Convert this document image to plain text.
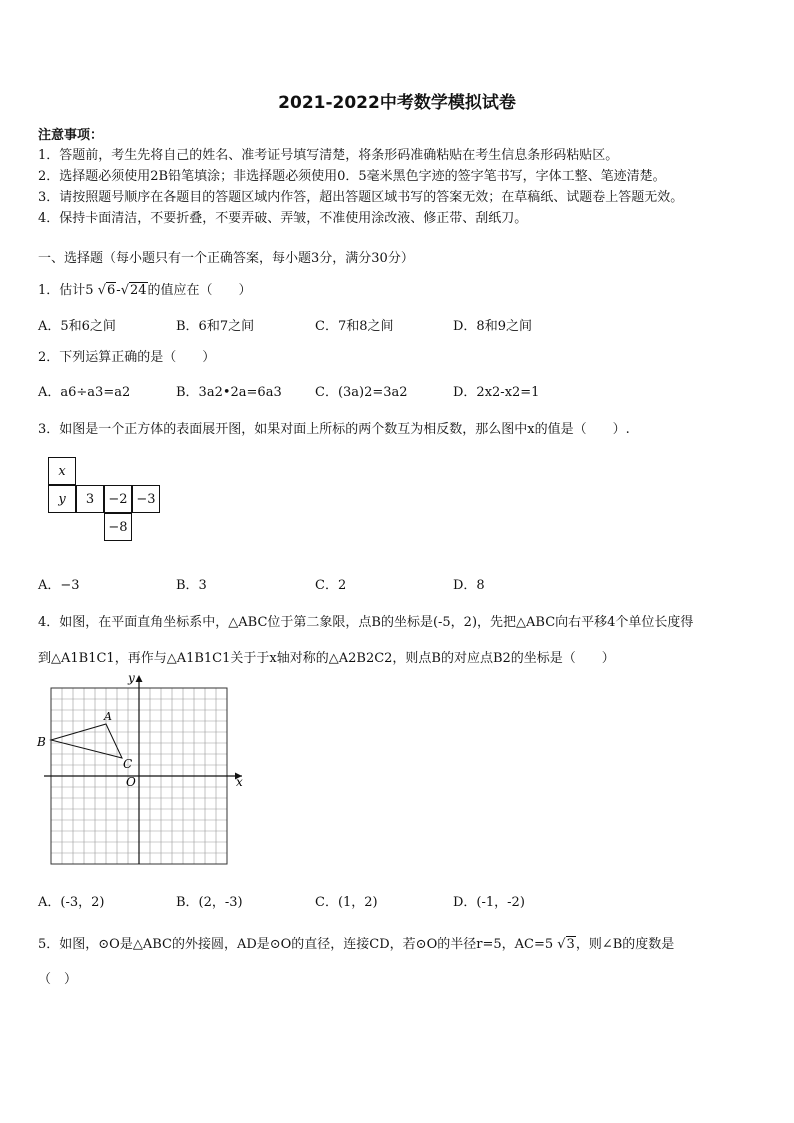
2021-2022中考数学模拟试卷
注意事项：
1．答题前，考生先将自己的姓名、准考证号填写清楚，将条形码准确粘贴在考生信息条形码粘贴区。
2．选择题必须使用2B铅笔填涂；非选择题必须使用0．5毫米黑色字迹的签字笔书写，字体工整、笔迹清楚。
3．请按照题号顺序在各题目的答题区域内作答，超出答题区域书写的答案无效；在草稿纸、试题卷上答题无效。
4．保持卡面清洁，不要折叠，不要弄破、弄皱，不准使用涂改液、修正带、刮纸刀。
一、选择题（每小题只有一个正确答案，每小题3分，满分30分）
1．估计5 √6-√24的值应在（　　）
A．5和6之间	B．6和7之间	C．7和8之间	D．8和9之间
2．下列运算正确的是（　　）
A．a6÷a3=a2	B．3a2•2a=6a3	C．(3a)2=3a2	D．2x2-x2=1
3．如图是一个正方体的表面展开图，如果对面上所标的两个数互为相反数，那么图中x的值是（　　）.
x
y	3	−2 −3
−8
A．−3	B．3	C．2	D．8
4．如图，在平面直角坐标系中，△ABC位于第二象限，点B的坐标是(-5，2)，先把△ABC向右平移4个单位长度得
到△A1B1C1，再作与△A1B1C1关于于x轴对称的△A2B2C2，则点B的对应点B2的坐标是（　　）
y
x
O
A
B
C
A．(-3，2)	B．(2，-3)	C．(1，2)	D．(-1，-2)
5．如图，⊙O是△ABC的外接圆，AD是⊙O的直径，连接CD，若⊙O的半径r=5，AC=5 √3，则∠B的度数是
（　）
